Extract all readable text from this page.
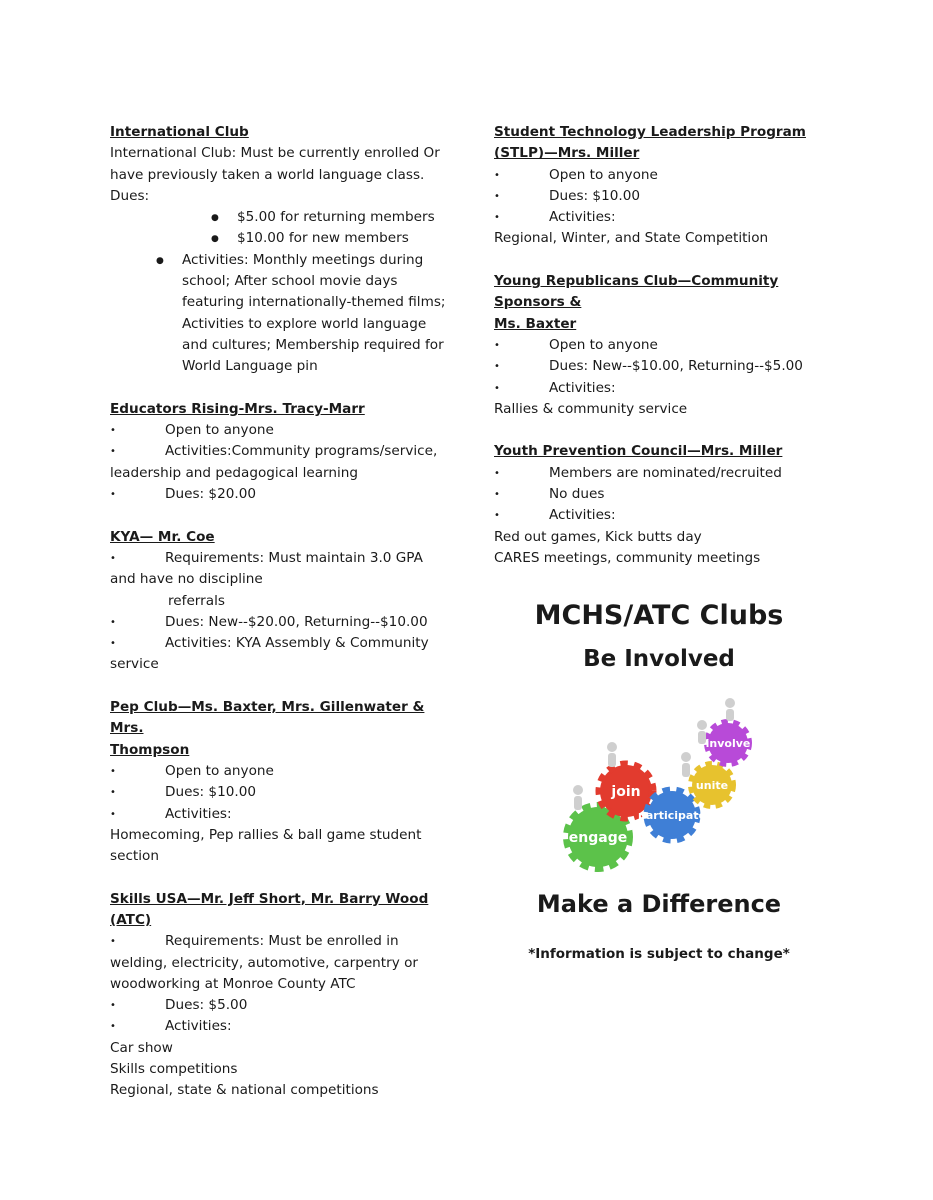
International Club
International Club: Must be currently enrolled Or
have previously taken a world language class.
Dues:
● $5.00 for returning members
● $10.00 for new members
● Activities: Monthly meetings during school; After school movie days featuring internationally-themed films; Activities to explore world language and cultures; Membership required for World Language pin
Educators Rising-Mrs. Tracy-Marr
• Open to anyone
• Activities:Community programs/service,
leadership and pedagogical learning
• Dues: $20.00
KYA— Mr. Coe
• Requirements: Must maintain 3.0 GPA
and have no discipline
referrals
• Dues: New--$20.00, Returning--$10.00
• Activities: KYA Assembly & Community
service
Pep Club—Ms. Baxter, Mrs. Gillenwater & Mrs.
Thompson
• Open to anyone
• Dues: $10.00
• Activities:
Homecoming, Pep rallies & ball game student
section
Skills USA—Mr. Jeff Short, Mr. Barry Wood (ATC)
• Requirements: Must be enrolled in
welding, electricity, automotive, carpentry or
woodworking at Monroe County ATC
• Dues: $5.00
• Activities:
Car show
Skills competitions
Regional, state & national competitions
Student Technology Leadership Program
(STLP)—Mrs. Miller
• Open to anyone
• Dues: $10.00
• Activities:
Regional, Winter, and State Competition
Young Republicans Club—Community Sponsors &
Ms. Baxter
• Open to anyone
• Dues: New--$10.00, Returning--$5.00
• Activities:
Rallies & community service
Youth Prevention Council—Mrs. Miller
• Members are nominated/recruited
• No dues
• Activities:
Red out games, Kick butts day
CARES meetings, community meetings
MCHS/ATC Clubs
Be Involved
engage
join
participate
unite
involve
Make a Difference
*Information is subject to change*
